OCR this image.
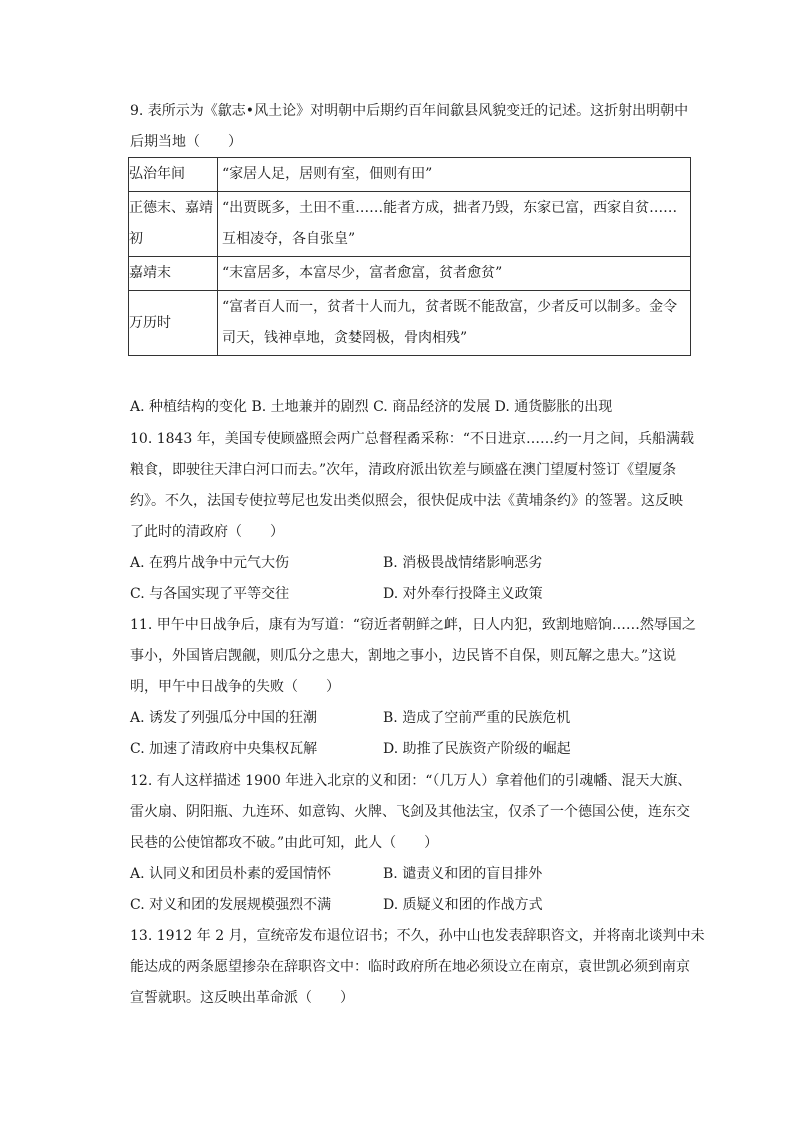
9. 表所示为《歙志•风土论》对明朝中后期约百年间歙县风貌变迁的记述。这折射出明朝中
后期当地（　　）
弘治年间	“家居人足，居则有室，佃则有田”

正德末、嘉靖初	“出贾既多，土田不重……能者方成，拙者乃毁，东家已富，西家自贫……互相凌夺，各自张皇”

嘉靖末	“末富居多，本富尽少，富者愈富，贫者愈贫”
万历时	“富者百人而一，贫者十人而九，贫者既不能敌富，少者反可以制多。金令司天，钱神卓地，贪婪罔极，骨肉相残”
A. 种植结构的变化 B. 土地兼并的剧烈 C. 商品经济的发展 D. 通货膨胀的出现
10. 1843 年，美国专使顾盛照会两广总督程矞采称：“不日进京……约一月之间，兵船满载
粮食，即驶往天津白河口而去。”次年，清政府派出钦差与顾盛在澳门望厦村签订《望厦条
约》。不久，法国专使拉萼尼也发出类似照会，很快促成中法《黄埔条约》的签署。这反映
了此时的清政府（　　）
A. 在鸦片战争中元气大伤	B. 消极畏战情绪影响恶劣
C. 与各国实现了平等交往	D. 对外奉行投降主义政策
11. 甲午中日战争后，康有为写道：“窃近者朝鲜之衅，日人内犯，致割地赔饷……然辱国之
事小，外国皆启觊觎，则瓜分之患大，割地之事小，边民皆不自保，则瓦解之患大。”这说
明，甲午中日战争的失败（　　）
A. 诱发了列强瓜分中国的狂潮	B. 造成了空前严重的民族危机
C. 加速了清政府中央集权瓦解	D. 助推了民族资产阶级的崛起
12. 有人这样描述 1900 年进入北京的义和团：“（几万人）拿着他们的引魂幡、混天大旗、
雷火扇、阴阳瓶、九连环、如意钩、火牌、飞剑及其他法宝，仅杀了一个德国公使，连东交
民巷的公使馆都攻不破。”由此可知，此人（　　）
A. 认同义和团员朴素的爱国情怀	B. 谴责义和团的盲目排外
C. 对义和团的发展规模强烈不满	D. 质疑义和团的作战方式
13. 1912 年 2 月，宣统帝发布退位诏书；不久，孙中山也发表辞职咨文，并将南北谈判中未
能达成的两条愿望掺杂在辞职咨文中：临时政府所在地必须设立在南京，袁世凯必须到南京
宣誓就职。这反映出革命派（　　）
